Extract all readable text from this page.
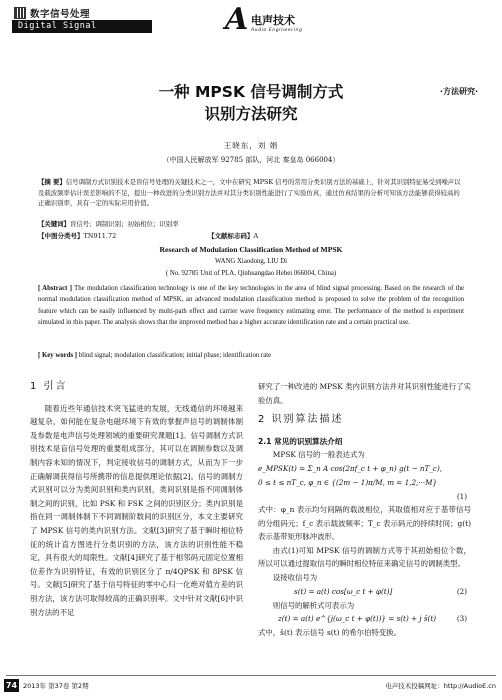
数字信号处理
Digital Signal Processing
A 电声技术
Audio Engineering
一种 MPSK 信号调制方式
识别方法研究
·方法研究·
王晓东，刘 娟
（中国人民解放军 92785 部队，河北 秦皇岛 066004）
【摘 要】信号调制方式识别技术是盲信号处理的关键技术之一，文中在研究 MPSK 信号的常用分类识别方法的基础上，针对其识别特征易受到噪声以及载波频率估计误差影响的不足，提出一种改进的分类识别方法并对其分类识别性能进行了实验仿真，通过仿真结果的分析可知该方法能够获得较高的正确识别率，具有一定的实际应用价值。
【关键词】盲信号；调制识别；初始相位；识别率
【中图分类号】TN911.72	【文献标志码】A
Research of Modulation Classification Method of MPSK
WANG Xiaodong, LIU Di
( No. 92785 Unit of PLA, Qinhuangdao Hebei 066004, China)
[ Abstract ] The modulation classification technology is one of the key technologies in the area of blind signal processing. Based on the research of the normal modulation classification method of MPSK, an advanced modulation classification method is proposed to solve the problem of the recognition feature which can be easily influenced by multi-path effect and carrier wave frequency estimating error. The performance of the method is experiment simulated in this paper. The analysis shows that the improved method has a higher accurate identification rate and a certain practical use.
[ Key words ] blind signal; modulation classification; initial phase; identification rate
1 引言
随着近些年通信技术突飞猛进的发展，无线通信的环境越来越复杂，如何能在复杂电磁环境下有效的掌握声信号的调制体制及参数是电声信号处理领域的重要研究课题[1]。信号调制方式识别技术是盲信号处理的重要组成部分，其可以在调制参数以及调制内容未知的情况下，判定接收信号的调制方式，从而为下一步正确解调获得信号所携带的信息提供理论依据[2]。信号的调制方式识别可以分为类间识别和类内识别，类间识别是指不同调制体制之间的识别，比如 PSK 和 FSK 之间的识别区分；类内识别是指在同一调制体制下不同调制阶数间的识别区分，本文主要研究了 MPSK 信号的类内识别方法。文献[3]研究了基于瞬时相位特征的统计直方图进行分类识别的方法，该方法的识别性能不稳定，具有很大的局限性。文献[4]研究了基于相邻码元固定位置相位差作为识别特征，有效的识别区分了 π/4QPSK 和 8PSK 信号。文献[5]研究了基于信号特征的零中心归一化绝对值方差的识别方法，该方法可取得较高的正确识别率。文中针对文献[6]中识别方法的不足
研究了一种改进的 MPSK 类内识别方法并对其识别性能进行了实验仿真。
2 识别算法描述
2.1 常见的识别算法介绍
MPSK 信号的一般表达式为
e_MPSK(t) = Σ_n A cos(2πf_c t + φ_n) g(t − nT_c),
0 ≤ t ≤ nT_c, φ_n ∈ {(2m − 1)π/M, m = 1,2,···M}
(1)
式中：φ_n 表示均匀间隔的载波相位，其取值相对应于基带信号的分组码元；f_c 表示载波频率；T_c 表示码元的持续时间；g(t) 表示基带矩形脉冲波形。
由式(1)可知 MPSK 信号的调制方式等于其初始相位个数，所以可以通过提取信号的瞬时相位特征来确定信号的调制类型。
设接收信号为
s(t) = a(t) cos[ω_c t + φ(t)]	(2)
则信号的解析式可表示为
z(t) = a(t) e^{j(ω_c t + φ(t))} = s(t) + j ŝ(t)	(3)
式中，ŝ(t) 表示信号 s(t) 的希尔伯特变换。
74 2013年 第37卷 第2期	电声技术投稿网址：http://AudioE.cn
